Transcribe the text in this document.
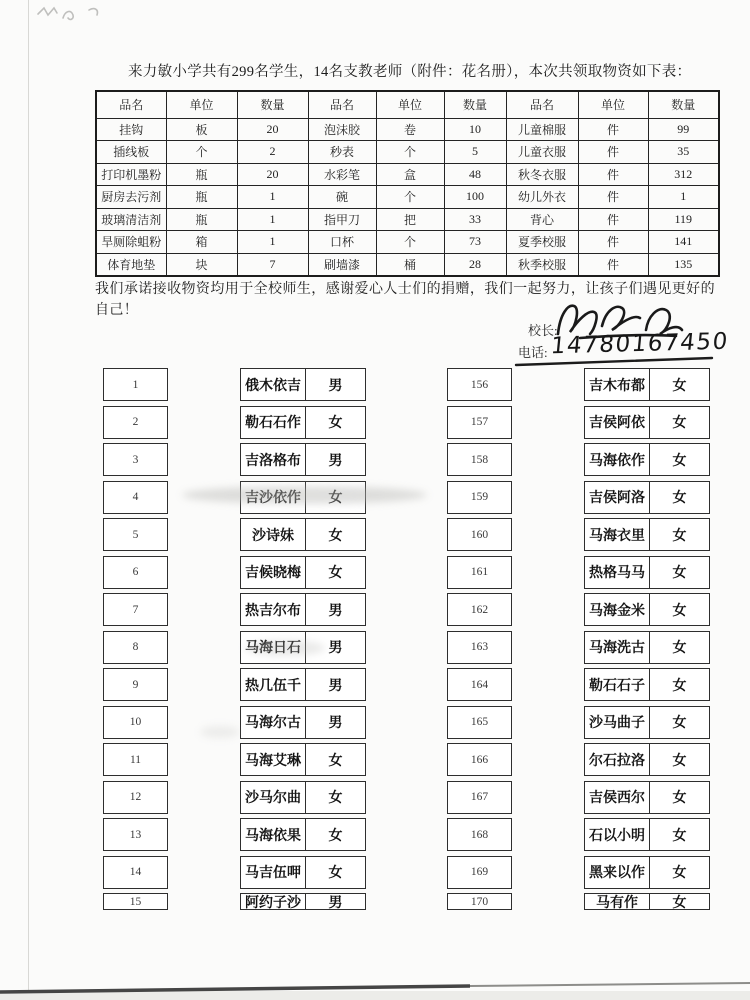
来力敏小学共有299名学生，14名支教老师（附件：花名册），本次共领取物资如下表：
品名	单位	数量	品名	单位	数量	品名	单位	数量
挂钩	板	20	泡沫胶	卷	10	儿童棉服	件	99
插线板	个	2	秒表	个	5	儿童衣服	件	35
打印机墨粉	瓶	20	水彩笔	盒	48	秋冬衣服	件	312
厨房去污剂	瓶	1	碗	个	100	幼儿外衣	件	1
玻璃清洁剂	瓶	1	指甲刀	把	33	背心	件	119
旱厕除蛆粉	箱	1	口杯	个	73	夏季校服	件	141
体育地垫	块	7	刷墙漆	桶	28	秋季校服	件	135
我们承诺接收物资均用于全校师生，感谢爱心人士们的捐赠，我们一起努力，让孩子们遇见更好的自己！
校长:
电话: 14780167450
1	俄木依吉	男
2	勒石石作	女
3	吉洛格布	男
4	吉沙依作	女
5	沙诗妹	女
6	吉候晓梅	女
7	热吉尔布	男
8	马海日石	男
9	热几伍千	男
10	马海尔古	男
11	马海艾琳	女
12	沙马尔曲	女
13	马海依果	女
14	马吉伍呷	女
15	阿约子沙	男
156	吉木布都	女
157	吉侯阿依	女
158	马海依作	女
159	吉侯阿洛	女
160	马海衣里	女
161	热格马马	女
162	马海金米	女
163	马海洗古	女
164	勒石石子	女
165	沙马曲子	女
166	尔石拉洛	女
167	吉侯西尔	女
168	石以小明	女
169	黑来以作	女
170	马有作	女
